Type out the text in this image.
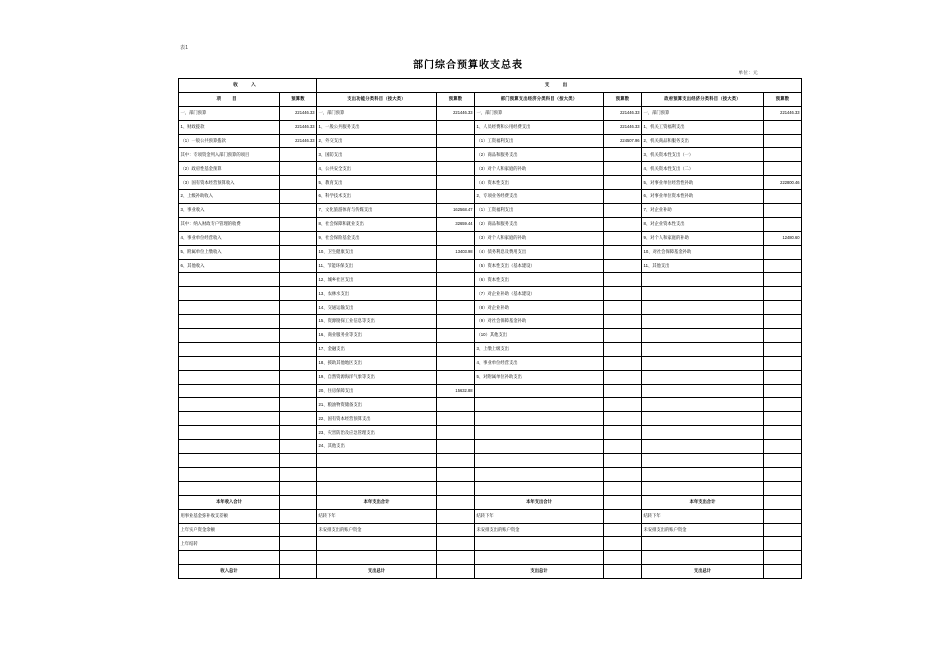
表1
部门综合预算收支总表
单位：元
收 入		支 出					
项 目	预算数	支出功能分类科目（按大类）	预算数	部门预算支出经济分类科目（按大类）	预算数	政府预算支出经济分类科目（按大类）	预算数
一、部门预算	221446.33	一、部门预算	221446.33	一、部门预算	221446.33	一、部门预算	221446.33
1、财政拨款	221446.33	1、一般公共服务支出		1、人员经费和公用经费支出	221446.33	1、机关工资福利支出	
（1）一般公共预算拨款	221446.33	2、外交支出		（1）工资福利支出	224507.96	2、机关商品和服务支出	
其中：专项资金列入部门预算的项目		3、国防支出		（2）商品和服务支出		3、机关资本性支出（一）	
（2）政府性基金预算		4、公共安全支出		（3）对个人和家庭的补助		4、机关资本性支出（二）	
（3）国有资本经营预算收入		5、教育支出		（4）资本性支出		5、对事业单位经营性补助	222800.46
2、上级补助收入		6、科学技术支出		2、专项业务经费支出		6、对事业单位资本性补助	
3、事业收入		7、文化旅游体育与传媒支出	162568.47	（1）工资福利支出		7、对企业补助	
其中：纳入财政专户管理的收费		8、社会保障和就业支出	32659.44	（2）商品和服务支出		8、对企业资本性支出	
4、事业单位经营收入		9、社会保险基金支出		（3）对个人和家庭的补助		9、对个人和家庭的补助	12480.60
5、附属单位上缴收入		10、卫生健康支出	13403.98	（4）债务利息及费用支出		10、对社会保障基金补助	
6、其他收入		11、节能环保支出		（5）资本性支出（基本建设）		11、其他支出	
		12、城乡社区支出		（6）资本性支出			
		13、农林水支出		（7）对企业补助（基本建设）			
		14、交通运输支出		（8）对企业补助			
		15、资源勘探工业信息等支出		（9）对社会保障基金补助			
		16、商业服务业等支出		（10）其他支出			
		17、金融支出		3、上缴上级支出			
		18、援助其他地区支出		4、事业单位经营支出			
		19、自然资源海洋气象等支出		5、对附属单位补助支出			
		20、住房保障支出	15632.88				
		21、粮油物资储备支出					
		22、国有资本经营预算支出					
		23、灾害防治及应急管理支出					
		24、其他支出					

本年收入合计		本年支出合计		本年支出合计		本年支出合计	
用事业基金弥补收支差额		结转下年		结转下年		结转下年	
上年实户资金余额		未安排支出的账户资金		未安排支出的账户资金		未安排支出的账户资金	
上年结转							

收入总计		支出总计		支出总计		支出总计	
